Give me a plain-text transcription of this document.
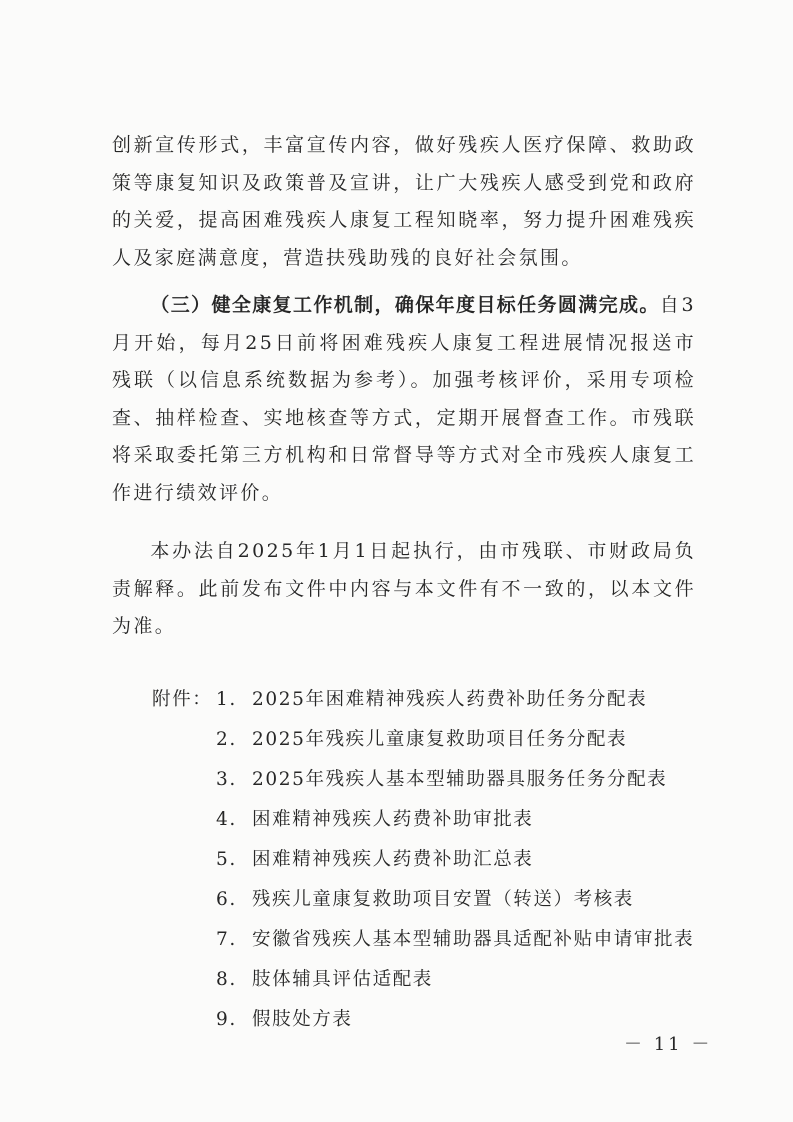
创新宣传形式，丰富宣传内容，做好残疾人医疗保障、救助政策等康复知识及政策普及宣讲，让广大残疾人感受到党和政府的关爱，提高困难残疾人康复工程知晓率，努力提升困难残疾人及家庭满意度，营造扶残助残的良好社会氛围。

（三）健全康复工作机制，确保年度目标任务圆满完成。自3月开始，每月25日前将困难残疾人康复工程进展情况报送市残联（以信息系统数据为参考）。加强考核评价，采用专项检查、抽样检查、实地核查等方式，定期开展督查工作。市残联将采取委托第三方机构和日常督导等方式对全市残疾人康复工作进行绩效评价。

本办法自2025年1月1日起执行，由市残联、市财政局负责解释。此前发布文件中内容与本文件有不一致的，以本文件为准。

附件： 1. 2025年困难精神残疾人药费补助任务分配表
2. 2025年残疾儿童康复救助项目任务分配表
3. 2025年残疾人基本型辅助器具服务任务分配表
4. 困难精神残疾人药费补助审批表
5. 困难精神残疾人药费补助汇总表
6. 残疾儿童康复救助项目安置（转送）考核表
7. 安徽省残疾人基本型辅助器具适配补贴申请审批表
8. 肢体辅具评估适配表
9. 假肢处方表

－ 11 －
